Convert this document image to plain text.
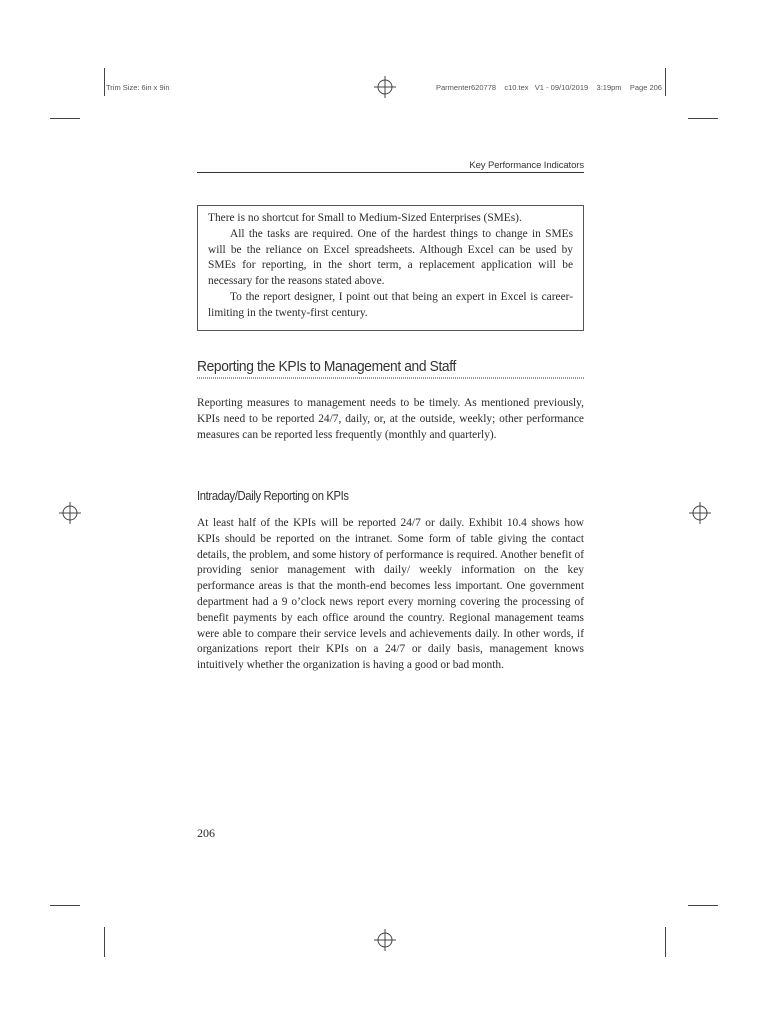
Trim Size: 6in x 9in	Parmenter620778    c10.tex   V1 - 09/10/2019    3:19pm    Page 206
Key Performance Indicators

There is no shortcut for Small to Medium-Sized Enterprises (SMEs).

All the tasks are required. One of the hardest things to change in SMEs will be the reliance on Excel spreadsheets. Although Excel can be used by SMEs for reporting, in the short term, a replacement application will be necessary for the reasons stated above.

To the report designer, I point out that being an expert in Excel is career-limiting in the twenty-first century.

Reporting the KPIs to Management and Staff

Reporting measures to management needs to be timely. As mentioned previously, KPIs need to be reported 24/7, daily, or, at the outside, weekly; other performance measures can be reported less frequently (monthly and quarterly).

Intraday/Daily Reporting on KPIs

At least half of the KPIs will be reported 24/7 or daily. Exhibit 10.4 shows how KPIs should be reported on the intranet. Some form of table giving the contact details, the problem, and some history of performance is required. Another benefit of providing senior management with daily/ weekly information on the key performance areas is that the month-end becomes less important. One government department had a 9 o’clock news report every morning covering the processing of benefit payments by each office around the country. Regional management teams were able to compare their service levels and achievements daily. In other words, if organizations report their KPIs on a 24/7 or daily basis, management knows intuitively whether the organization is having a good or bad month.

206
